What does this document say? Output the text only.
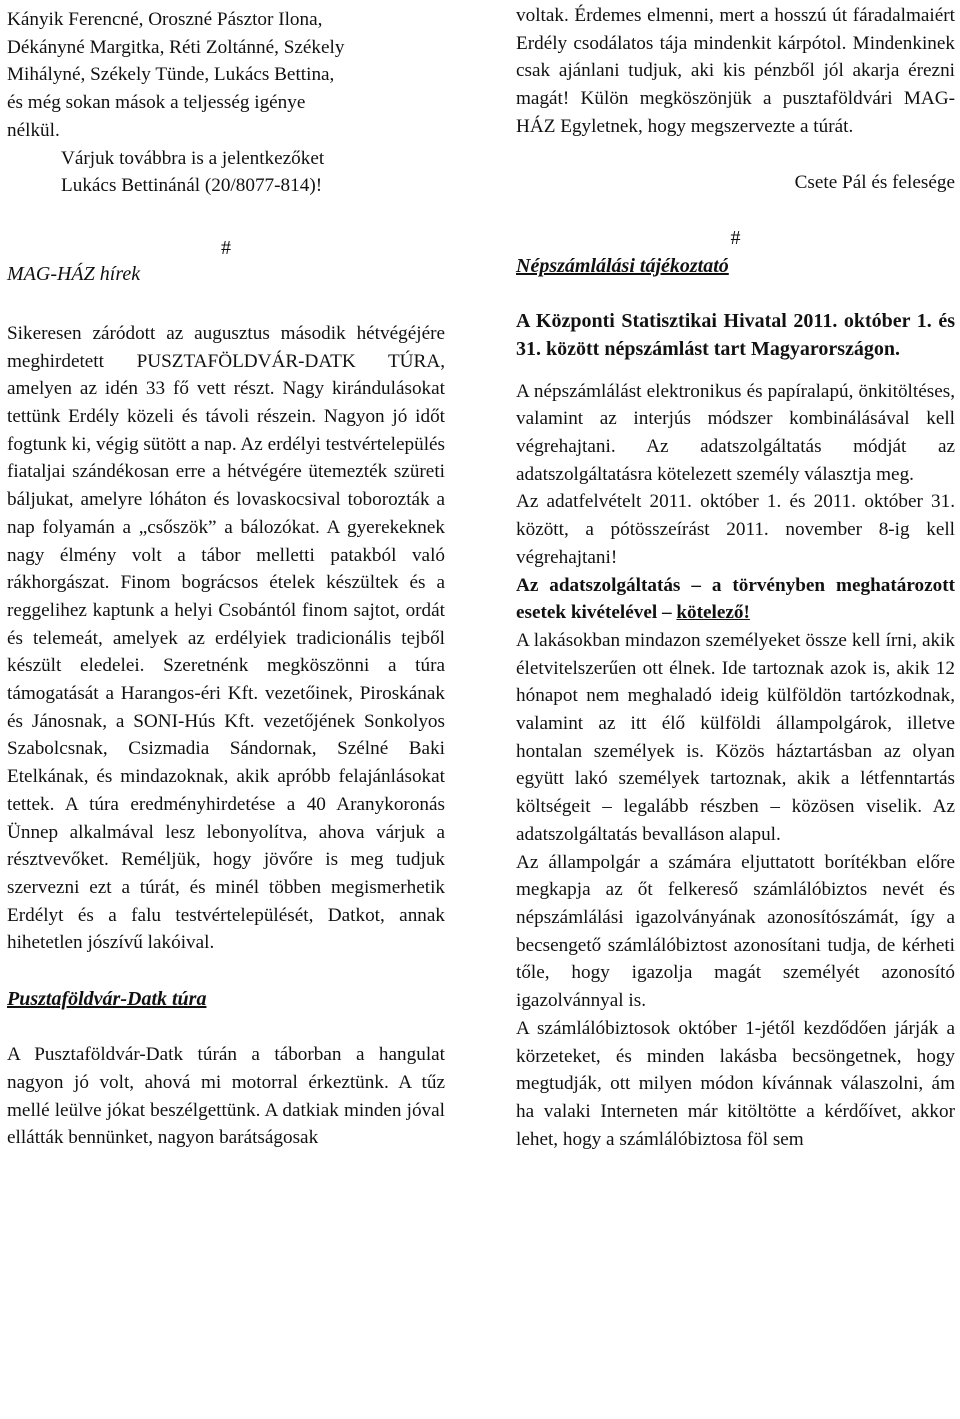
Kányik Ferencné, Oroszné Pásztor Ilona,

Dékányné Margitka, Réti Zoltánné, Székely

Mihályné, Székely Tünde, Lukács Bettina,

és még sokan mások a teljesség igénye

nélkül.

Várjuk továbbra is a jelentkezőket

Lukács Bettinánál (20/8077-814)!

#
MAG-HÁZ hírek

Sikeresen záródott az augusztus második hétvégéjére meghirdetett PUSZTAFÖLDVÁR-DATK TÚRA, amelyen az idén 33 fő vett részt. Nagy kirándulásokat tettünk Erdély közeli és távoli részein. Nagyon jó időt fogtunk ki, végig sütött a nap. Az erdélyi testvértelepülés fiataljai szándékosan erre a hétvégére ütemezték szüreti báljukat, amelyre lóháton és lovaskocsival toborozták a nap folyamán a „csőszök” a bálozókat. A gyerekeknek nagy élmény volt a tábor melletti patakból való rákhorgászat. Finom bográcsos ételek készültek és a reggelihez kaptunk a helyi Csobántól finom sajtot, ordát és telemeát, amelyek az erdélyiek tradicionális tejből készült eledelei. Szeretnénk megköszönni a túra támogatását a Harangos-éri Kft. vezetőinek, Piroskának és Jánosnak, a SONI-Hús Kft. vezetőjének Sonkolyos Szabolcsnak, Csizmadia Sándornak, Szélné Baki Etelkának, és mindazoknak, akik apróbb felajánlásokat tettek. A túra eredményhirdetése a 40 Aranykoronás Ünnep alkalmával lesz lebonyolítva, ahova várjuk a résztvevőket. Reméljük, hogy jövőre is meg tudjuk szervezni ezt a túrát, és minél többen megismerhetik Erdélyt és a falu testvértelepülését, Datkot, annak hihetetlen jószívű lakóival.

Pusztaföldvár-Datk túra

A Pusztaföldvár-Datk túrán a táborban a hangulat nagyon jó volt, ahová mi motorral érkeztünk. A tűz mellé leülve jókat beszélgettünk. A datkiak minden jóval ellátták bennünket, nagyon barátságosak

voltak. Érdemes elmenni, mert a hosszú út fáradalmaiért Erdély csodálatos tája mindenkit kárpótol. Mindenkinek csak ajánlani tudjuk, aki kis pénzből jól akarja érezni magát! Külön megköszönjük a pusztaföldvári MAG-HÁZ Egyletnek, hogy megszervezte a túrát.

Csete Pál és felesége

#

Népszámlálási tájékoztató

A Központi Statisztikai Hivatal 2011. október 1. és 31. között népszámlást tart Magyarországon.

A népszámlálást elektronikus és papíralapú, önkitöltéses, valamint az interjús módszer kombinálásával kell végrehajtani. Az adatszolgáltatás módját az adatszolgáltatásra kötelezett személy választja meg.

Az adatfelvételt 2011. október 1. és 2011. október 31. között, a pótösszeírást 2011. november 8-ig kell végrehajtani!

Az adatszolgáltatás – a törvényben meghatározott esetek kivételével – kötelező!

A lakásokban mindazon személyeket össze kell írni, akik életvitelszerűen ott élnek. Ide tartoznak azok is, akik 12 hónapot nem meghaladó ideig külföldön tartózkodnak, valamint az itt élő külföldi állampolgárok, illetve hontalan személyek is. Közös háztartásban az olyan együtt lakó személyek tartoznak, akik a létfenntartás költségeit – legalább részben – közösen viselik. Az adatszolgáltatás bevalláson alapul.

Az állampolgár a számára eljuttatott borítékban előre megkapja az őt felkereső számlálóbiztos nevét és népszámlálási igazolványának azonosítószámát, így a becsengető számlálóbiztost azonosítani tudja, de kérheti tőle, hogy igazolja magát személyét azonosító igazolvánnyal is.

A számlálóbiztosok október 1-jétől kezdődően járják a körzeteket, és minden lakásba becsöngetnek, hogy megtudják, ott milyen módon kívánnak válaszolni, ám ha valaki Interneten már kitöltötte a kérdőívet, akkor lehet, hogy a számlálóbiztosa föl sem
